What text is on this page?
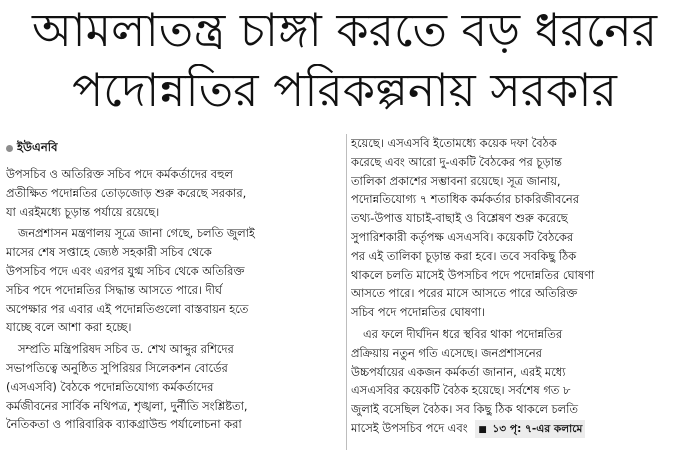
আমলাতন্ত্র চাঙ্গা করতে বড় ধরনের
পদোন্নতির পরিকল্পনায় সরকার
ইউএনবি
উপসচিব ও অতিরিক্ত সচিব পদে কর্মকর্তাদের বহুল
প্রতীক্ষিত পদোন্নতির তোড়জোড় শুরু করেছে সরকার,
যা এরইমধ্যে চূড়ান্ত পর্যায়ে রয়েছে।
জনপ্রশাসন মন্ত্রণালয় সূত্রে জানা গেছে, চলতি জুলাই
মাসের শেষ সপ্তাহে জ্যেষ্ঠ সহকারী সচিব থেকে
উপসচিব পদে এবং এরপর যুগ্ম সচিব থেকে অতিরিক্ত
সচিব পদে পদোন্নতির সিদ্ধান্ত আসতে পারে। দীর্ঘ
অপেক্ষার পর এবার এই পদোন্নতিগুলো বাস্তবায়ন হতে
যাচ্ছে বলে আশা করা হচ্ছে।
সম্প্রতি মন্ত্রিপরিষদ সচিব ড. শেখ আব্দুর রশিদের
সভাপতিত্বে অনুষ্ঠিত সুপিরিয়র সিলেকশন বোর্ডের
(এসএসবি) বৈঠকে পদোন্নতিযোগ্য কর্মকর্তাদের
কর্মজীবনের সার্বিক নথিপত্র, শৃঙ্খলা, দুর্নীতি সংশ্লিষ্টতা,
নৈতিকতা ও পারিবারিক ব্যাকগ্রাউন্ড পর্যালোচনা করা
হয়েছে। এসএসবি ইতোমধ্যে কয়েক দফা বৈঠক
করেছে এবং আরো দু-একটি বৈঠকের পর চূড়ান্ত
তালিকা প্রকাশের সম্ভাবনা রয়েছে। সূত্র জানায়,
পদোন্নতিযোগ্য ৭ শতাধিক কর্মকর্তার চাকরিজীবনের
তথ্য-উপাত্ত যাচাই-বাছাই ও বিশ্লেষণ শুরু করেছে
সুপারিশকারী কর্তৃপক্ষ এসএসবি। কয়েকটি বৈঠকের
পর এই তালিকা চূড়ান্ত করা হবে। তবে সবকিছু ঠিক
থাকলে চলতি মাসেই উপসচিব পদে পদোন্নতির ঘোষণা
আসতে পারে। পরের মাসে আসতে পারে অতিরিক্ত
সচিব পদে পদোন্নতির ঘোষণা।
এর ফলে দীর্ঘদিন ধরে স্থবির থাকা পদোন্নতির
প্রক্রিয়ায় নতুন গতি এসেছে। জনপ্রশাসনের
উচ্চপর্যায়ের একজন কর্মকর্তা জানান, এরই মধ্যে
এসএসবির কয়েকটি বৈঠক হয়েছে। সর্বশেষ গত ৮
জুলাই বসেছিল বৈঠক। সব কিছু ঠিক থাকলে চলতি
মাসেই উপসচিব পদে এবং ■ ১৩ পৃ: ৭-এর কলামে
